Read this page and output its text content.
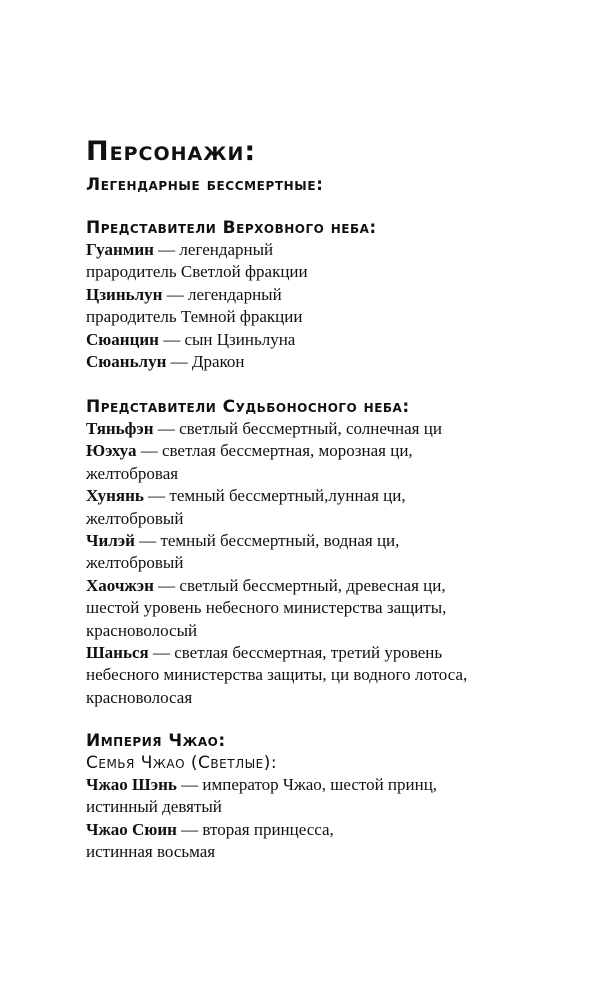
Персонажи:
Легендарные бессмертные:
Представители Верховного неба:
Гуанмин — легендарный
прародитель Светлой фракции
Цзиньлун — легендарный
прародитель Темной фракции
Сюанцин — сын Цзиньлуна
Сюаньлун — Дракон
Представители Судьбоносного неба:
Тяньфэн — светлый бессмертный, солнечная ци
Юэхуа — светлая бессмертная, морозная ци,
желтобровая
Хунянь — темный бессмертный,лунная ци,
желтобровый
Чилэй — темный бессмертный, водная ци,
желтобровый
Хаочжэн — светлый бессмертный, древесная ци,
шестой уровень небесного министерства защиты,
красноволосый
Шанься — светлая бессмертная, третий уровень
небесного министерства защиты, ци водного лотоса,
красноволосая
Империя Чжао:
Семья Чжао (Светлые):
Чжао Шэнь — император Чжао, шестой принц,
истинный девятый
Чжао Сюин — вторая принцесса,
истинная восьмая
